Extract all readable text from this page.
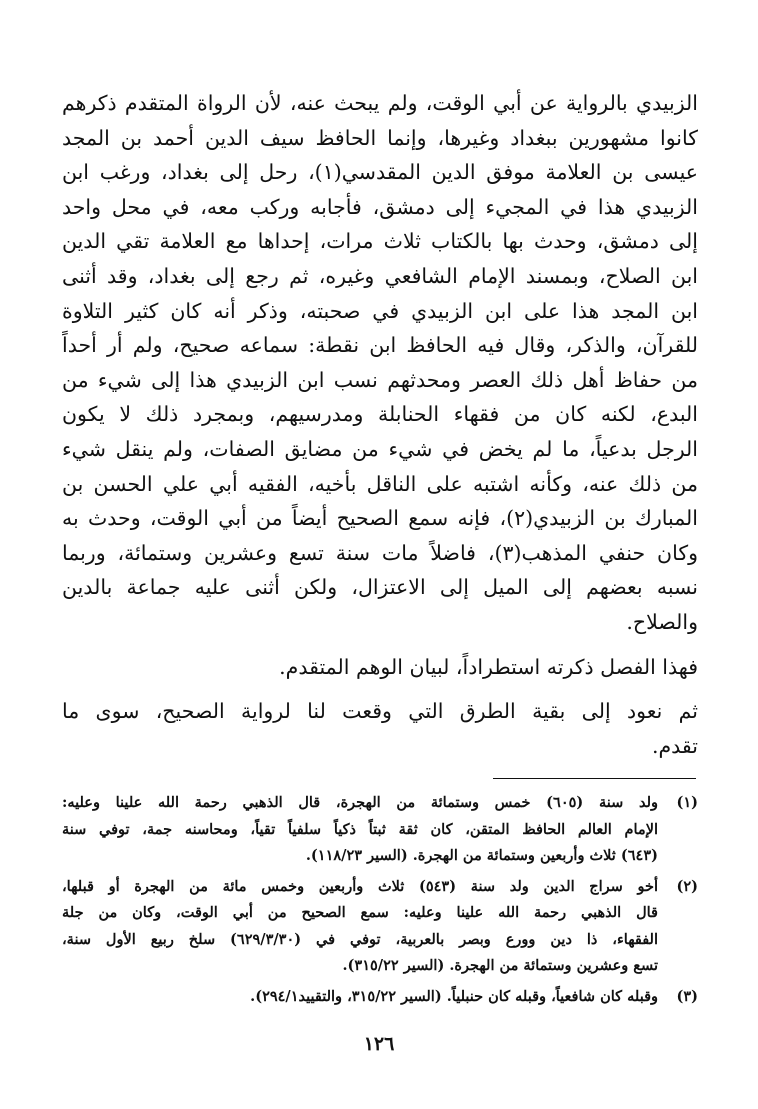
الزبيدي بالرواية عن أبي الوقت، ولم يبحث عنه، لأن الرواة المتقدم ذكرهم
كانوا مشهورين ببغداد وغيرها، وإنما الحافظ سيف الدين أحمد بن المجد
عيسى بن العلامة موفق الدين المقدسي(١)، رحل إلى بغداد، ورغب ابن
الزبيدي هذا في المجيء إلى دمشق، فأجابه وركب معه، في محل واحد
إلى دمشق، وحدث بها بالكتاب ثلاث مرات، إحداها مع العلامة تقي الدين
ابن الصلاح، وبمسند الإمام الشافعي وغيره، ثم رجع إلى بغداد، وقد أثنى
ابن المجد هذا على ابن الزبيدي في صحبته، وذكر أنه كان كثير التلاوة
للقرآن، والذكر، وقال فيه الحافظ ابن نقطة: سماعه صحيح، ولم أر أحداً
من حفاظ أهل ذلك العصر ومحدثهم نسب ابن الزبيدي هذا إلى شيء من
البدع، لكنه كان من فقهاء الحنابلة ومدرسيهم، وبمجرد ذلك لا يكون
الرجل بدعياً، ما لم يخض في شيء من مضايق الصفات، ولم ينقل شيء
من ذلك عنه، وكأنه اشتبه على الناقل بأخيه، الفقيه أبي علي الحسن بن
المبارك بن الزبيدي(٢)، فإنه سمع الصحيح أيضاً من أبي الوقت، وحدث به
وكان حنفي المذهب(٣)، فاضلاً مات سنة تسع وعشرين وستمائة، وربما
نسبه بعضهم إلى الميل إلى الاعتزال، ولكن أثنى عليه جماعة بالدين
والصلاح.
فهذا الفصل ذكرته استطراداً، لبيان الوهم المتقدم.
ثم نعود إلى بقية الطرق التي وقعت لنا لرواية الصحيح، سوى ما
تقدم.
(١)
ولد سنة (٦٠٥) خمس وستمائة من الهجرة، قال الذهبي رحمة الله علينا وعليه:
الإمام العالم الحافظ المتقن، كان ثقة ثبتاً ذكياً سلفياً تقياً، ومحاسنه جمة، توفي سنة
(٦٤٣) ثلاث وأربعين وستمائة من الهجرة. (السير ١١٨/٢٣).
(٢)
أخو سراج الدين ولد سنة (٥٤٣) ثلاث وأربعين وخمس مائة من الهجرة أو قبلها،
قال الذهبي رحمة الله علينا وعليه: سمع الصحيح من أبي الوقت، وكان من جلة
الفقهاء، ذا دين وورع وبصر بالعربية، توفي في (٦٢٩/٣/٣٠) سلخ ربيع الأول سنة،
تسع وعشرين وستمائة من الهجرة. (السير ٣١٥/٢٢).
(٣)
وقبله كان شافعياً، وقبله كان حنبلياً. (السير ٣١٥/٢٢، والتقييد٢٩٤/١).
١٢٦
